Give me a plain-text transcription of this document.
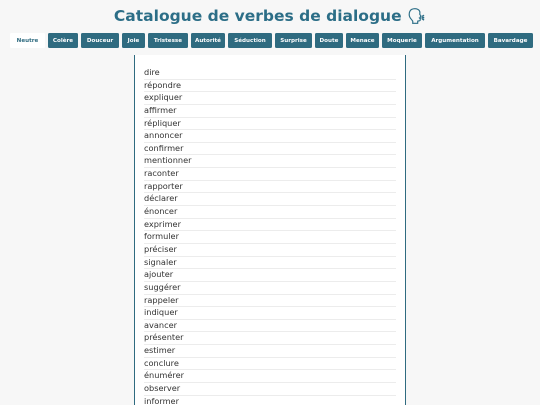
Catalogue de verbes de dialogue 🗣
Neutre	Colère	Douceur	Joie	Tristesse	Autorité	Séduction	Surprise	Doute	Menace	Moquerie	Argumentation	Bavardage
dire
répondre
expliquer
affirmer
répliquer
annoncer
confirmer
mentionner
raconter
rapporter
déclarer
énoncer
exprimer
formuler
préciser
signaler
ajouter
suggérer
rappeler
indiquer
avancer
présenter
estimer
conclure
énumérer
observer
informer
